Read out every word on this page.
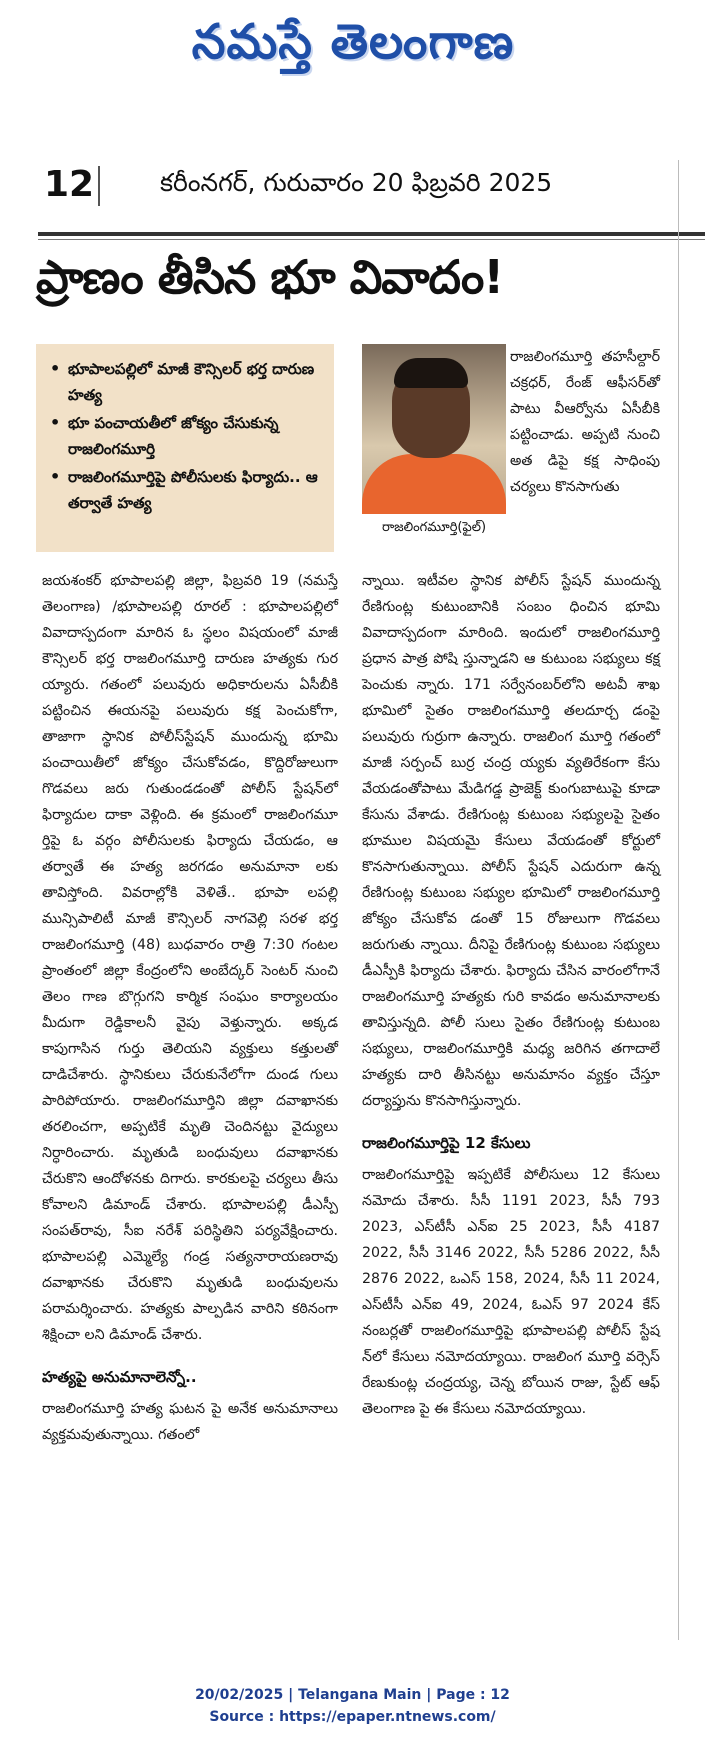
నమస్తే తెలంగాణ
12	కరీంనగర్, గురువారం 20 ఫిబ్రవరి 2025
ప్రాణం తీసిన భూ వివాదం!
• భూపాలపల్లిలో మాజీ కౌన్సిలర్ భర్త దారుణ హత్య
• భూ పంచాయతీలో జోక్యం చేసుకున్న రాజలింగమూర్తి
• రాజలింగమూర్తిపై పోలీసులకు ఫిర్యాదు.. ఆ తర్వాతే హత్య
రాజలింగమూర్తి(ఫైల్)

రాజలింగమూర్తి తహసీల్దార్ చక్రధర్, రేంజ్ ఆఫీసర్‌తో పాటు వీఆర్వోను ఏసీబీకి పట్టించాడు. అప్పటి నుంచి అత డిపై కక్ష సాధింపు చర్యలు కొనసాగుతు

జయశంకర్ భూపాలపల్లి జిల్లా, ఫిబ్రవరి 19 (నమస్తే తెలంగాణ) /భూపాలపల్లి రూరల్ : భూపాలపల్లిలో వివాదాస్పదంగా మారిన ఓ స్థలం విషయంలో మాజీ కౌన్సిలర్ భర్త రాజలింగమూర్తి దారుణ హత్యకు గుర య్యారు. గతంలో పలువురు అధికారులను ఏసీబీకి పట్టించిన ఈయనపై పలువురు కక్ష పెంచుకోగా, తాజాగా స్థానిక పోలీస్‌స్టేషన్ ముందున్న భూమి పంచాయితీలో జోక్యం చేసుకోవడం, కొద్దిరోజులుగా గొడవలు జరు గుతుండడంతో పోలీస్ స్టేషన్‌లో ఫిర్యాదుల దాకా వెళ్లింది. ఈ క్రమంలో రాజలింగమూ ర్తిపై ఓ వర్గం పోలీసులకు ఫిర్యాదు చేయడం, ఆ తర్వాతే ఈ హత్య జరగడం అనుమానా లకు తావిస్తోంది. వివరాల్లోకి వెళితే.. భూపా లపల్లి మున్సిపాలిటీ మాజీ కౌన్సిలర్ నాగవెల్లి సరళ భర్త రాజలింగమూర్తి (48) బుధవారం రాత్రి 7:30 గంటల ప్రాంతంలో జిల్లా కేంద్రంలోని అంబేద్కర్ సెంటర్ నుంచి తెలం గాణ బొగ్గుగని కార్మిక సంఘం కార్యాలయం మీదుగా రెడ్డికాలనీ వైపు వెళ్తున్నారు. అక్కడ కాపుగాసిన గుర్తు తెలియని వ్యక్తులు కత్తులతో దాడిచేశారు. స్థానికులు చేరుకునేలోగా దుండ గులు పారిపోయారు. రాజలింగమూర్తిని జిల్లా దవాఖానకు తరలించగా, అప్పటికే మృతి చెందినట్టు వైద్యులు నిర్ధారించారు. మృతుడి బంధువులు దవాఖానకు చేరుకొని ఆందోళనకు దిగారు. కారకులపై చర్యలు తీసు కోవాలని డిమాండ్ చేశారు. భూపాలపల్లి డీఎస్పీ సంపత్‌రావు, సీఐ నరేశ్ పరిస్థితిని పర్యవేక్షించారు. భూపాలపల్లి ఎమ్మెల్యే గండ్ర సత్యనారాయణరావు దవాఖానకు చేరుకొని మృతుడి బంధువులను పరామర్శించారు. హత్యకు పాల్పడిన వారిని కఠినంగా శిక్షించా లని డిమాండ్ చేశారు.

హత్యపై అనుమానాలెన్నో..

రాజలింగమూర్తి హత్య ఘటన పై అనేక అనుమానాలు వ్యక్తమవుతున్నాయి. గతంలో

న్నాయి. ఇటీవల స్థానిక పోలీస్ స్టేషన్ ముందున్న రేణిగుంట్ల కుటుంబానికి సంబం ధించిన భూమి వివాదాస్పదంగా మారింది. ఇందులో రాజలింగమూర్తి ప్రధాన పాత్ర పోషి స్తున్నాడని ఆ కుటుంబ సభ్యులు కక్ష పెంచుకు న్నారు. 171 సర్వేనంబర్‌లోని అటవీ శాఖ భూమిలో సైతం రాజలింగమూర్తి తలదూర్చ డంపై పలువురు గుర్రుగా ఉన్నారు. రాజలింగ మూర్తి గతంలో మాజీ సర్పంచ్ బుర్ర చంద్ర య్యకు వ్యతిరేకంగా కేసు వేయడంతోపాటు మేడిగడ్డ ప్రాజెక్ట్ కుంగుబాటుపై కూడా కేసును వేశాడు. రేణిగుంట్ల కుటుంబ సభ్యులపై సైతం భూముల విషయమై కేసులు వేయడంతో కోర్టులో కొనసాగుతున్నాయి. పోలీస్ స్టేషన్ ఎదురుగా ఉన్న రేణిగుంట్ల కుటుంబ సభ్యుల భూమిలో రాజలింగమూర్తి జోక్యం చేసుకోవ డంతో 15 రోజులుగా గొడవలు జరుగుతు న్నాయి. దీనిపై రేణిగుంట్ల కుటుంబ సభ్యులు డీఎస్పీకి ఫిర్యాదు చేశారు. ఫిర్యాదు చేసిన వారంలోగానే రాజలింగమూర్తి హత్యకు గురి కావడం అనుమానాలకు తావిస్తున్నది. పోలీ సులు సైతం రేణిగుంట్ల కుటుంబ సభ్యులు, రాజలింగమూర్తికి మధ్య జరిగిన తగాదాలే హత్యకు దారి తీసినట్టు అనుమానం వ్యక్తం చేస్తూ దర్యాప్తును కొనసాగిస్తున్నారు.

రాజలింగమూర్తిపై 12 కేసులు

రాజలింగమూర్తిపై ఇప్పటికే పోలీసులు 12 కేసులు నమోదు చేశారు. సీసీ 1191 2023, సీసీ 793 2023, ఎస్‌టీసీ ఎన్‌ఐ 25 2023, సీసీ 4187 2022, సీసీ 3146 2022, సీసీ 5286 2022, సీసీ 2876 2022, ఒఎస్ 158, 2024, సీసీ 11 2024, ఎస్‌టీసీ ఎన్‌ఐ 49, 2024, ఓఎస్ 97 2024 కేస్ నంబర్లతో రాజలింగమూర్తిపై భూపాలపల్లి పోలీస్ స్టేష న్‌లో కేసులు నమోదయ్యాయి. రాజలింగ మూర్తి వర్సెస్ రేణుకుంట్ల చంద్రయ్య, చెన్న బోయిన రాజు, స్టేట్ ఆఫ్ తెలంగాణ పై ఈ కేసులు నమోదయ్యాయి.

20/02/2025 | Telangana Main | Page : 12
Source : https://epaper.ntnews.com/
